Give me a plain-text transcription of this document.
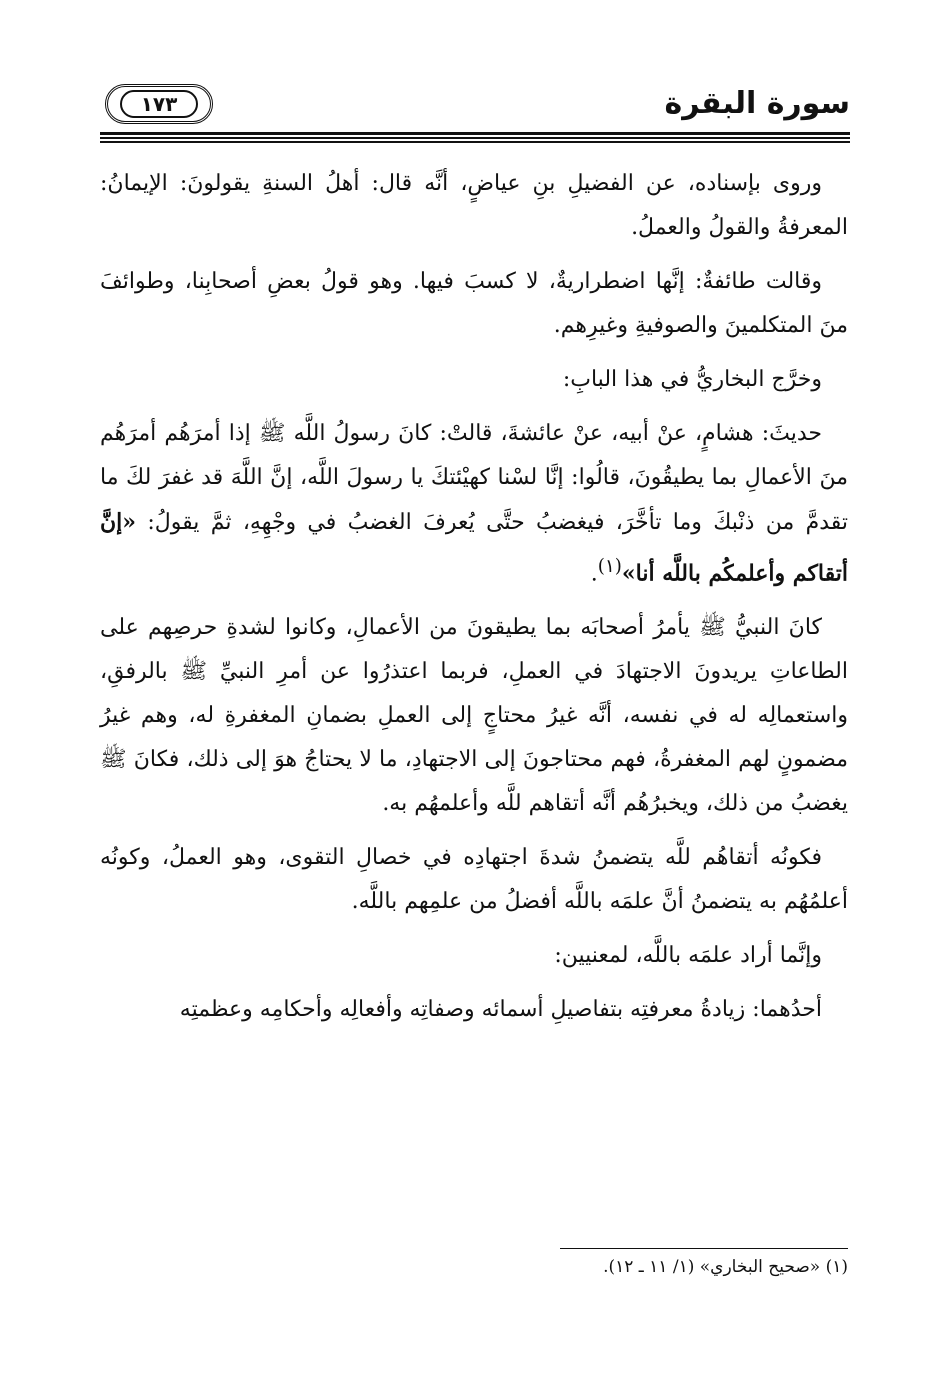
سورة البقرة
١٧٣

وروى بإسناده، عن الفضيلِ بنِ عياضٍ، أنَّه قال: أهلُ السنةِ يقولونَ: الإيمانُ: المعرفةُ والقولُ والعملُ.

وقالت طائفةٌ: إنَّها اضطراريةٌ، لا كسبَ فيها. وهو قولُ بعضِ أصحابِنا، وطوائفَ منَ المتكلمينَ والصوفيةِ وغيرِهم.

وخرَّج البخاريُّ في هذا البابِ:

حديثَ: هشامٍ، عنْ أبيه، عنْ عائشةَ، قالتْ: كانَ رسولُ اللَّه ﷺ إذا أمرَهُم أمرَهُم منَ الأعمالِ بما يطيقُونَ، قالُوا: إنَّا لسْنا كهيْئتكَ يا رسولَ اللَّه، إنَّ اللَّهَ قد غفرَ لكَ ما تقدمَّ من ذنْبكَ وما تأخَّرَ، فيغضبُ حتَّى يُعرفَ الغضبُ في وجْهِهِ، ثمَّ يقولُ: «إنَّ أتقاكم وأعلمكُم باللَّه أنا»$^{(١)}$.

كانَ النبيُّ ﷺ يأمرُ أصحابَه بما يطيقونَ من الأعمالِ، وكانوا لشدةِ حرصِهم على الطاعاتِ يريدونَ الاجتهادَ في العملِ، فربما اعتذرُوا عن أمرِ النبيِّ ﷺ بالرفقِ، واستعمالِه له في نفسه، أنَّه غيرُ محتاجٍ إلى العملِ بضمانِ المغفرةِ له، وهم غيرُ مضمونٍ لهم المغفرةُ، فهم محتاجونَ إلى الاجتهادِ، ما لا يحتاجُ هوَ إلى ذلك، فكانَ ﷺ يغضبُ من ذلك، ويخبرُهُم أنَّه أتقاهم للَّه وأعلمهُم به.

فكونُه أتقاهُم للَّه يتضمنُ شدةَ اجتهادِه في خصالِ التقوى، وهو العملُ، وكونُه أعلمُهُم به يتضمنُ أنَّ علمَه باللَّه أفضلُ من علمِهم باللَّه.

وإنَّما أراد علمَه باللَّه، لمعنيين:

أحدُهما: زيادةُ معرفتِه بتفاصيلِ أسمائه وصفاتِه وأفعالِه وأحكامِه وعظمتِه

(١) «صحيح البخاري» (١/ ١١ ـ ١٢).
